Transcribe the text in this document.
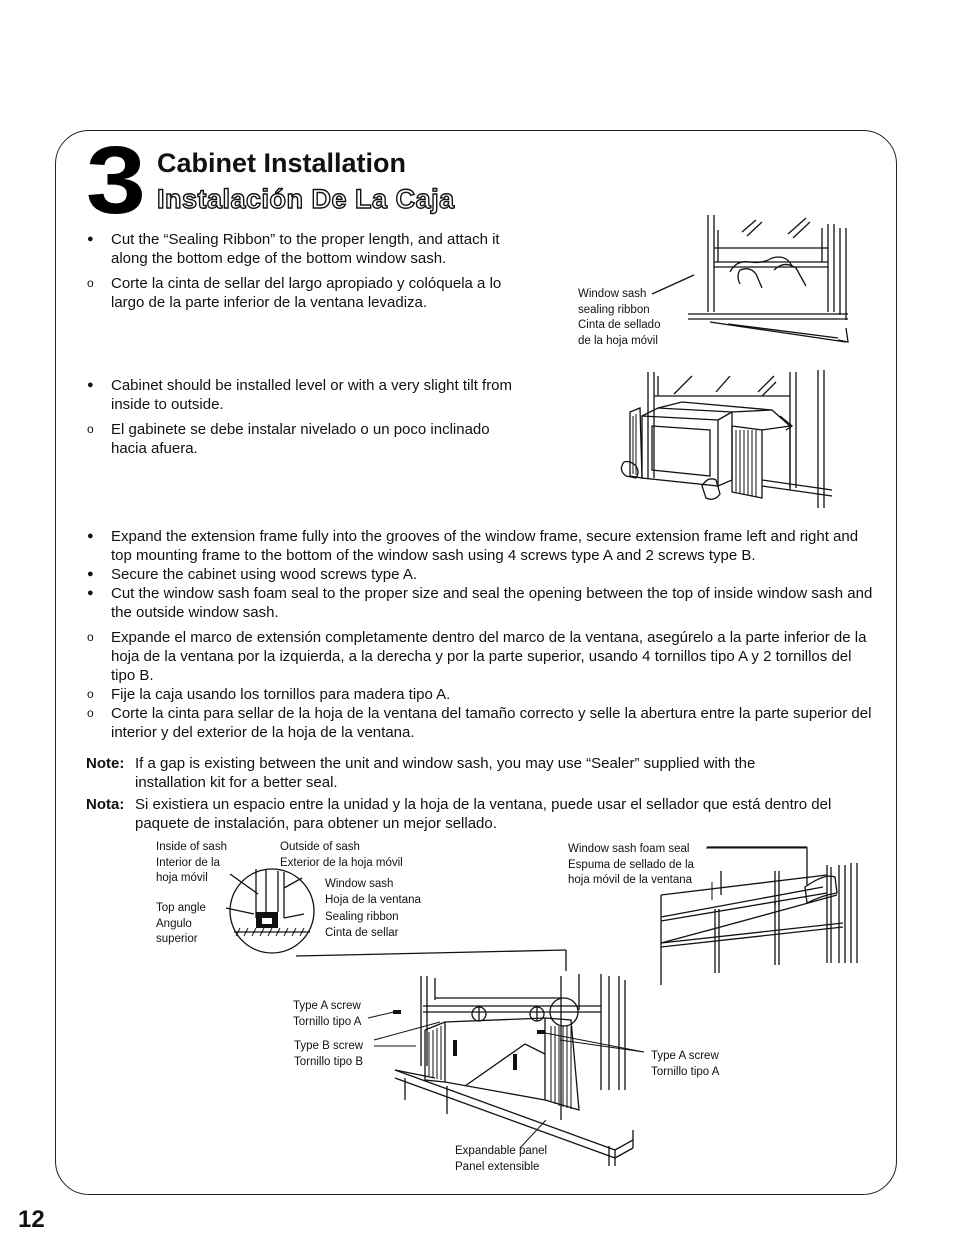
3 Cabinet Installation
Instalación De La Caja
● Cut the “Sealing Ribbon” to the proper length, and attach it along the bottom edge of the bottom window sash.
o Corte la cinta de sellar del largo apropiado y colóquela a lo largo de la parte inferior de la ventana levadiza.	Window sash
sealing ribbon
Cinta de sellado
de la hoja móvil
● Cabinet should be installed level or with a very slight tilt from inside to outside.
o El gabinete se debe instalar nivelado o un poco inclinado hacia afuera.
● Expand the extension frame fully into the grooves of the window frame, secure extension frame left and right and top mounting frame to the bottom of the window sash using 4 screws type A and 2 screws type B.
● Secure the cabinet using wood screws type A.
● Cut the window sash foam seal to the proper size and seal the opening between the top of inside window sash and the outside window sash.
o Expande el marco de extensión completamente dentro del marco de la ventana, asegúrelo a la parte inferior de la hoja de la ventana por la izquierda, a la derecha y por la parte superior, usando 4 tornillos tipo A y 2 tornillos del tipo B.
o Fije la caja usando los tornillos para madera tipo A.
o Corte la cinta para sellar de la hoja de la ventana del tamaño correcto y selle la abertura entre la parte superior del interior y del exterior de la hoja de la ventana.
Note: If a gap is existing between the unit and window sash, you may use “Sealer” supplied with the installation kit for a better seal.
Nota: Si existiera un espacio entre la unidad y la hoja de la ventana, puede usar el sellador que está dentro del paquete de instalación, para obtener un mejor sellado.
Inside of sash
Interior de la
hoja móvil
Outside of sash
Exterior de la hoja móvil
Window sash
Hoja de la ventana
Sealing ribbon
Cinta de sellar
Top angle
Angulo
superior
Window sash foam seal
Espuma de sellado de la
hoja móvil de la ventana
Type A screw
Tornillo tipo A
Type B screw
Tornillo tipo B	Type A screw
Tornillo tipo A
Expandable panel
Panel extensible
12
